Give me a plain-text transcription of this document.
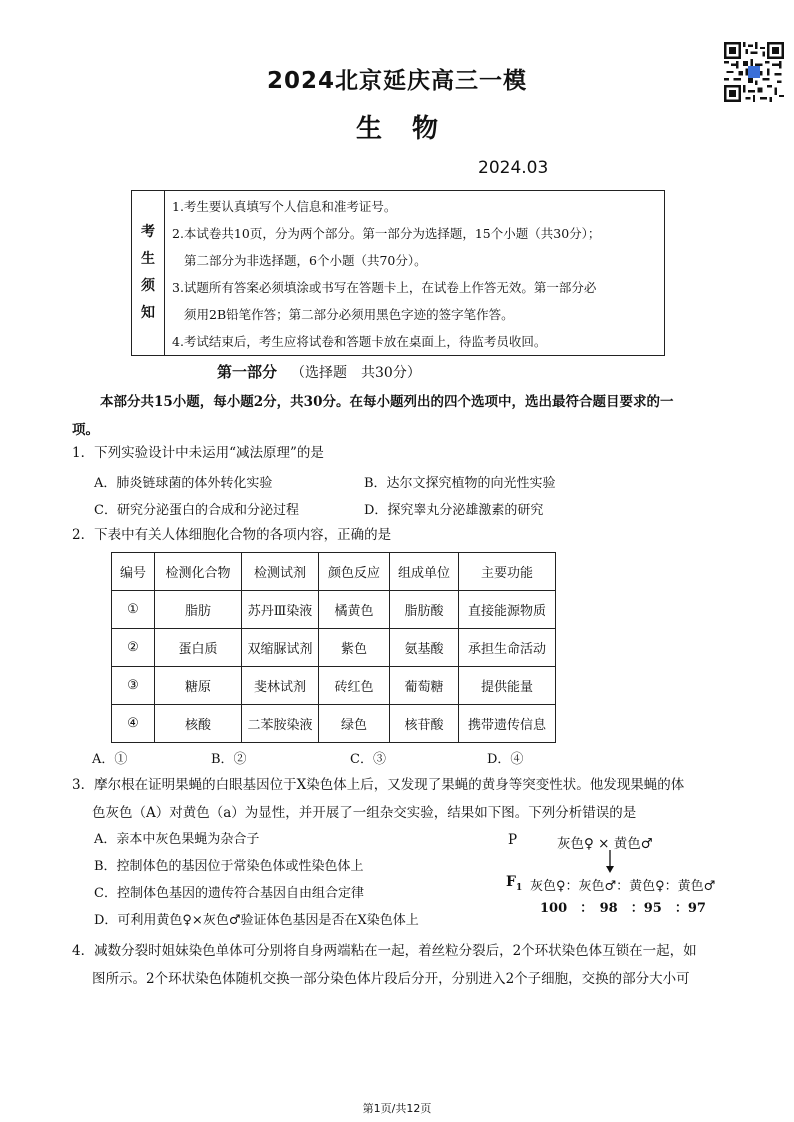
2024北京延庆高三一模
生物
2024.03
考
生
须
知
1.考生要认真填写个人信息和准考证号。
2.本试卷共10页，分为两个部分。第一部分为选择题，15个小题（共30分）；
第二部分为非选择题，6个小题（共70分）。
3.试题所有答案必须填涂或书写在答题卡上，在试卷上作答无效。第一部分必
须用2B铅笔作答；第二部分必须用黑色字迹的签字笔作答。
4.考试结束后，考生应将试卷和答题卡放在桌面上，待监考员收回。
第一部分 （选择题　共30分）
本部分共15小题，每小题2分，共30分。在每小题列出的四个选项中，选出最符合题目要求的一
项。
1．下列实验设计中未运用“减法原理”的是
A．肺炎链球菌的体外转化实验	B．达尔文探究植物的向光性实验
C．研究分泌蛋白的合成和分泌过程	D．探究睾丸分泌雄激素的研究
2．下表中有关人体细胞化合物的各项内容，正确的是
编号	检测化合物	检测试剂	颜色反应	组成单位	主要功能
①	脂肪	苏丹Ⅲ染液	橘黄色	脂肪酸	直接能源物质
②	蛋白质	双缩脲试剂	紫色	氨基酸	承担生命活动
③	糖原	斐林试剂	砖红色	葡萄糖	提供能量
④	核酸	二苯胺染液	绿色	核苷酸	携带遗传信息
A．①	B．②	C．③	D．④
3．摩尔根在证明果蝇的白眼基因位于X染色体上后，又发现了果蝇的黄身等突变性状。他发现果蝇的体
色灰色（A）对黄色（a）为显性，并开展了一组杂交实验，结果如下图。下列分析错误的是
A．亲本中灰色果蝇为杂合子
B．控制体色的基因位于常染色体或性染色体上
C．控制体色基因的遗传符合基因自由组合定律
D．可利用黄色♀×灰色♂验证体色基因是否在X染色体上
P	灰色♀ × 黄色♂
$F_1$ 灰色♀：灰色♂：黄色♀：黄色♂
100　：　98　：95　：97
4．减数分裂时姐妹染色单体可分别将自身两端粘在一起，着丝粒分裂后，2个环状染色体互锁在一起，如
图所示。2个环状染色体随机交换一部分染色体片段后分开，分别进入2个子细胞，交换的部分大小可
第1页/共12页
